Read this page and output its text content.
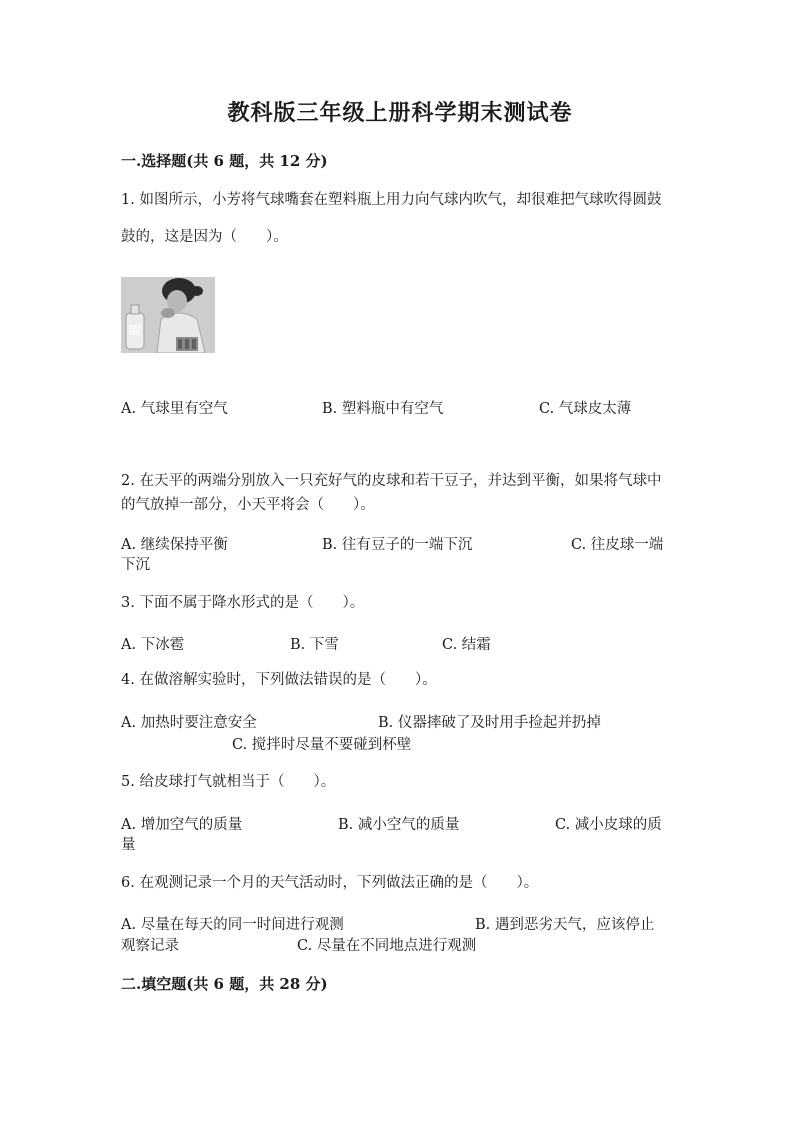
教科版三年级上册科学期末测试卷
一.选择题(共 6 题，共 12 分)
1. 如图所示，小芳将气球嘴套在塑料瓶上用力向气球内吹气，却很难把气球吹得圆鼓鼓的，这是因为（　　）。
A. 气球里有空气	B. 塑料瓶中有空气	C. 气球皮太薄
2. 在天平的两端分别放入一只充好气的皮球和若干豆子，并达到平衡，如果将气球中的气放掉一部分，小天平将会（　　）。
A. 继续保持平衡	B. 往有豆子的一端下沉	C. 往皮球一端
下沉
3. 下面不属于降水形式的是（　　）。
A. 下冰雹	B. 下雪	C. 结霜
4. 在做溶解实验时，下列做法错误的是（　　）。
A. 加热时要注意安全	B. 仪器摔破了及时用手捡起并扔掉
C. 搅拌时尽量不要碰到杯壁
5. 给皮球打气就相当于（　　）。
A. 增加空气的质量	B. 减小空气的质量	C. 减小皮球的质
量
6. 在观测记录一个月的天气活动时，下列做法正确的是（　　）。
A. 尽量在每天的同一时间进行观测	B. 遇到恶劣天气，应该停止
观察记录	C. 尽量在不同地点进行观测
二.填空题(共 6 题，共 28 分)
